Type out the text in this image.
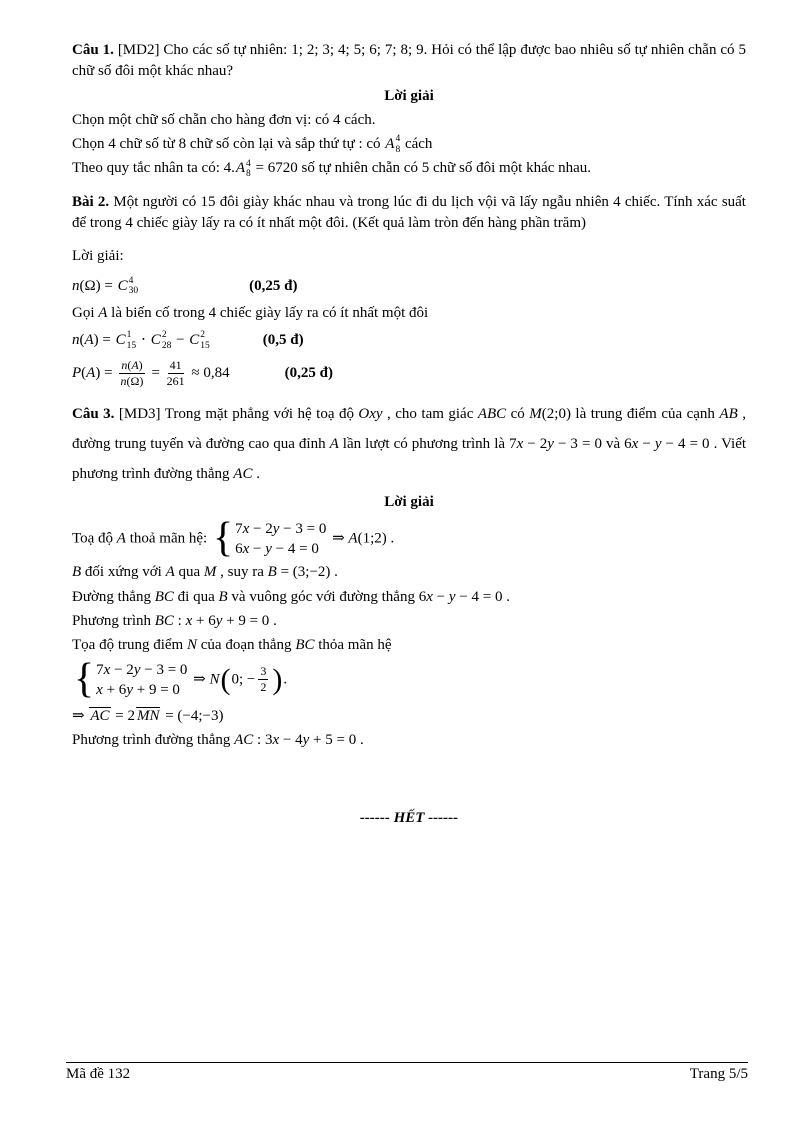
Câu 1. [MD2] Cho các số tự nhiên: 1; 2; 3; 4; 5; 6; 7; 8; 9. Hỏi có thể lập được bao nhiêu số tự nhiên chẵn có 5 chữ số đôi một khác nhau?

Lời giải

Chọn một chữ số chẵn cho hàng đơn vị: có 4 cách.

Chọn 4 chữ số từ 8 chữ số còn lại và sắp thứ tự : có A 4
8 cách

Theo quy tắc nhân ta có: 4. A 4
8 = 6720 số tự nhiên chẵn có 5 chữ số đôi một khác nhau.

Bài 2. Một người có 15 đôi giày khác nhau và trong lúc đi du lịch vội vã lấy ngẫu nhiên 4 chiếc. Tính xác suất để trong 4 chiếc giày lấy ra có ít nhất một đôi. (Kết quả làm tròn đến hàng phần trăm)

Lời giải:

n(Ω) = C 4
30	(0,25 đ)

Gọi A là biến cố trong 4 chiếc giày lấy ra có ít nhất một đôi

n(A) = C 1
15 ⋅ C 2
28 − C 2
15	(0,5 đ)

$P(A) = \frac{n(A)}{n(\Omega)} = \frac{41}{261} \approx 0,84$	(0,25 đ)

Câu 3. [MD3] Trong mặt phẳng với hệ toạ độ Oxy , cho tam giác ABC có M(2;0) là trung điểm của cạnh AB , đường trung tuyến và đường cao qua đỉnh A lần lượt có phương trình là 7x − 2y − 3 = 0 và 6x − y − 4 = 0 . Viết phương trình đường thẳng AC .

Lời giải

Toạ độ A thoả mãn hệ: { 7x − 2y − 3 = 0
6x − y − 4 = 0
⇒ A(1;2) .

B đối xứng với A qua M , suy ra B = (3;−2) .

Đường thẳng BC đi qua B và vuông góc với đường thẳng 6x − y − 4 = 0 .

Phương trình BC : x + 6y + 9 = 0 .

Tọa độ trung điểm N của đoạn thẳng BC thỏa mãn hệ

{ 7x − 2y − 3 = 0
x + 6y + 9 = 0
⇒ N(0; − $\frac{3}{2}$ ).

⇒ AC = 2 MN = (−4;−3)

Phương trình đường thẳng AC : 3x − 4y + 5 = 0 .

------ HẾT ------

Mã đề 132	Trang 5/5
